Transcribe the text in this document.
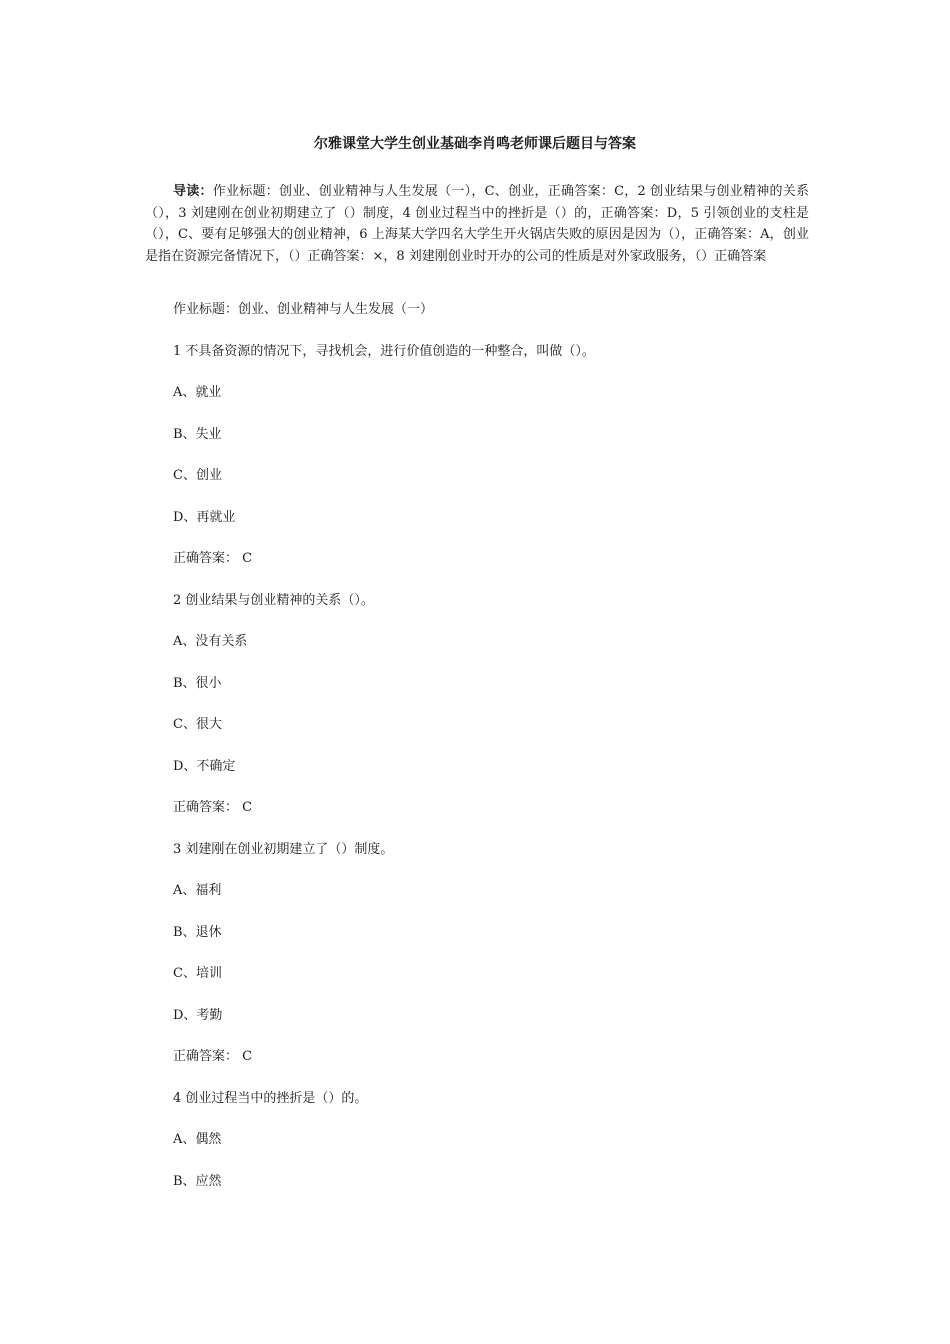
尔雅课堂大学生创业基础李肖鸣老师课后题目与答案
导读：作业标题：创业、创业精神与人生发展（一），C、创业，正确答案：C，2 创业结果与创业精神的关系（），3 刘建刚在创业初期建立了（）制度，4 创业过程当中的挫折是（）的，正确答案：D，5 引领创业的支柱是（），C、要有足够强大的创业精神，6 上海某大学四名大学生开火锅店失败的原因是因为（），正确答案：A，创业是指在资源完备情况下，（）正确答案：×，8 刘建刚创业时开办的公司的性质是对外家政服务，（）正确答案
作业标题：创业、创业精神与人生发展（一）
1 不具备资源的情况下，寻找机会，进行价值创造的一种整合，叫做（）。
A、就业
B、失业
C、创业
D、再就业
正确答案： C
2 创业结果与创业精神的关系（）。
A、没有关系
B、很小
C、很大
D、不确定
正确答案： C
3 刘建刚在创业初期建立了（）制度。
A、福利
B、退休
C、培训
D、考勤
正确答案： C
4 创业过程当中的挫折是（）的。
A、偶然
B、应然
